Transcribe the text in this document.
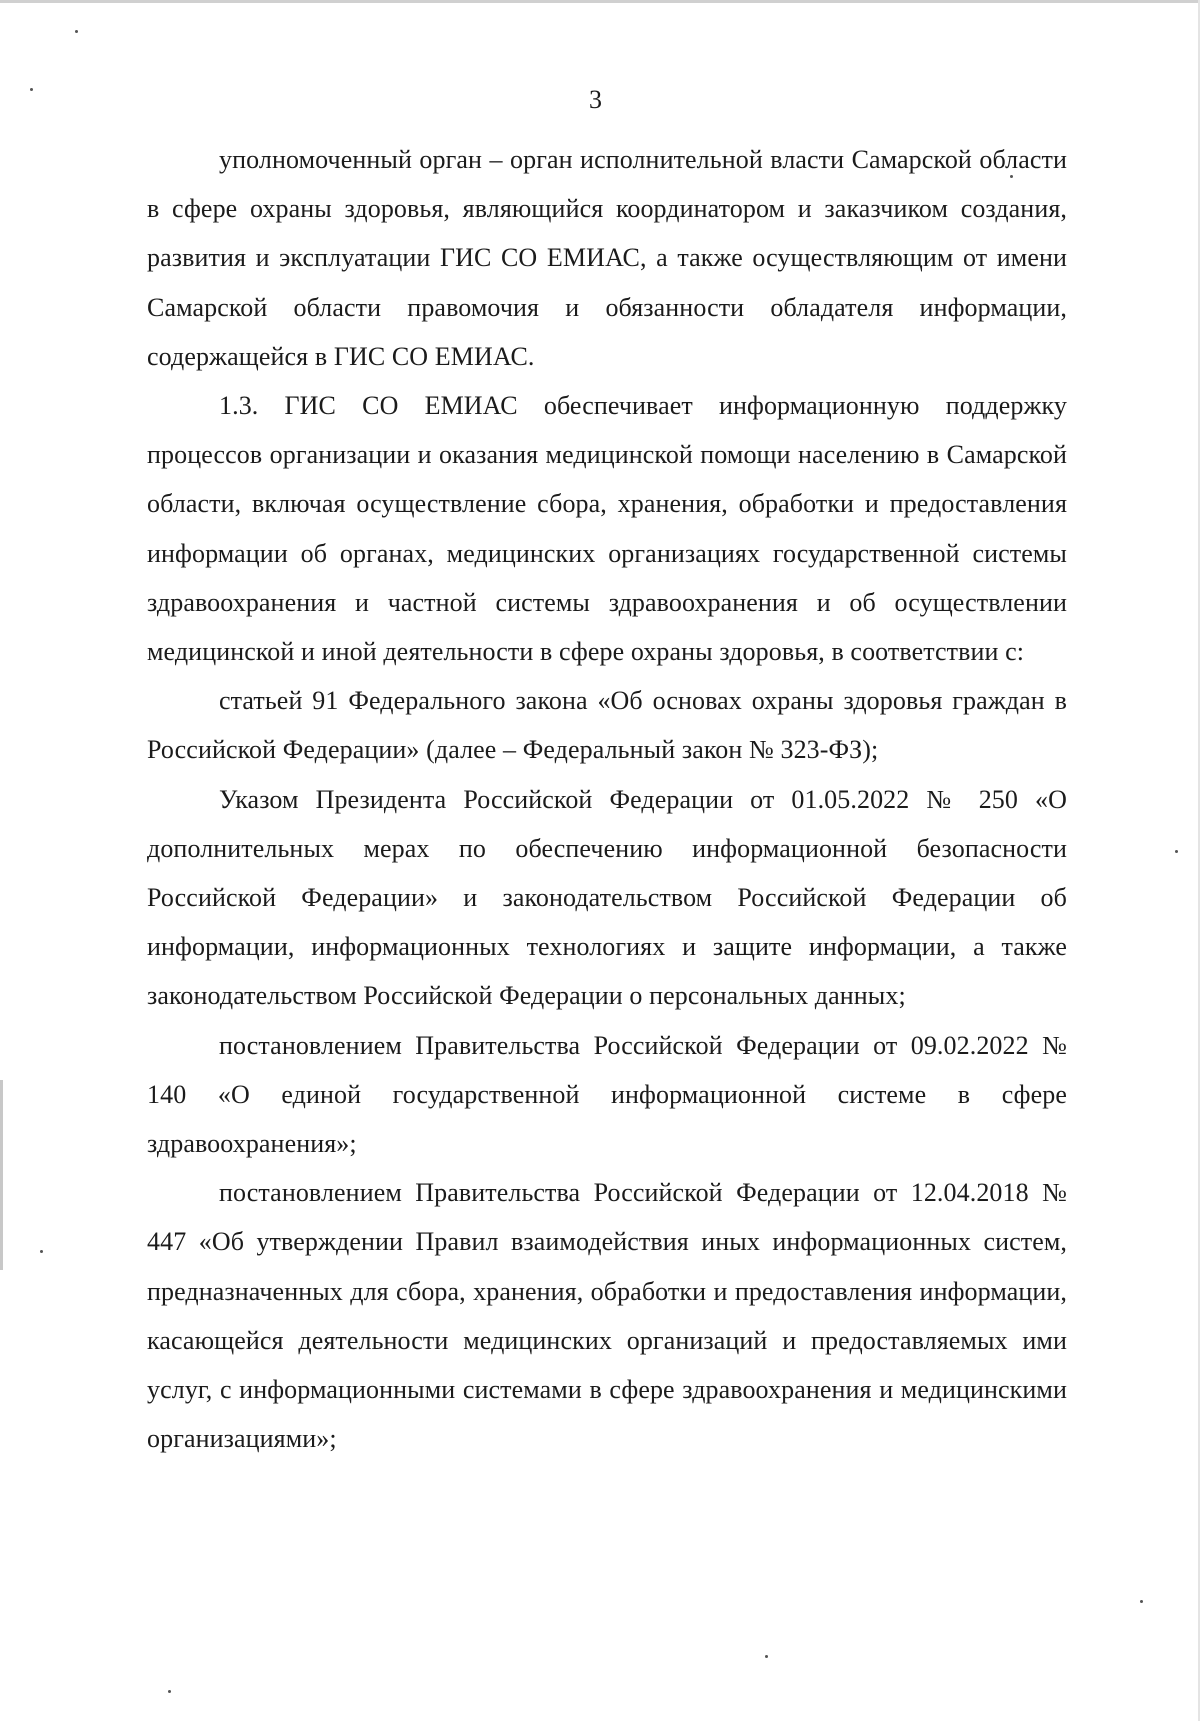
3

уполномоченный орган – орган исполнительной власти Самарской области в сфере охраны здоровья, являющийся координатором и заказчиком создания, развития и эксплуатации ГИС СО ЕМИАС, а также осуществляющим от имени Самарской области правомочия и обязанности обладателя информации, содержащейся в ГИС СО ЕМИАС.

1.3. ГИС СО ЕМИАС обеспечивает информационную поддержку процессов организации и оказания медицинской помощи населению в Самарской области, включая осуществление сбора, хранения, обработки и предоставления информации об органах, медицинских организациях государственной системы здравоохранения и частной системы здравоохранения и об осуществлении медицинской и иной деятельности в сфере охраны здоровья, в соответствии с:

статьей 91 Федерального закона «Об основах охраны здоровья граждан в Российской Федерации» (далее – Федеральный закон № 323-ФЗ);

Указом Президента Российской Федерации от 01.05.2022 № 250 «О дополнительных мерах по обеспечению информационной безопасности Российской Федерации» и законодательством Российской Федерации об информации, информационных технологиях и защите информации, а также законодательством Российской Федерации о персональных данных;

постановлением Правительства Российской Федерации от 09.02.2022 № 140 «О единой государственной информационной системе в сфере здравоохранения»;

постановлением Правительства Российской Федерации от 12.04.2018 № 447 «Об утверждении Правил взаимодействия иных информационных систем, предназначенных для сбора, хранения, обработки и предоставления информации, касающейся деятельности медицинских организаций и предоставляемых ими услуг, с информационными системами в сфере здравоохранения и медицинскими организациями»;
